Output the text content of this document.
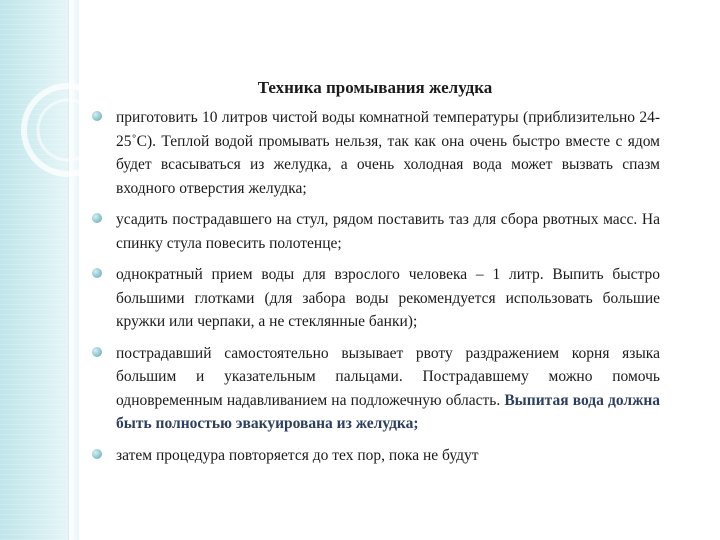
Техника промывания желудка
приготовить 10 литров чистой воды комнатной температуры (приблизительно 24-25˚С). Теплой водой промывать нельзя, так как она очень быстро вместе с ядом будет всасываться из желудка, а очень холодная вода может вызвать спазм входного отверстия желудка;
усадить пострадавшего на стул, рядом поставить таз для сбора рвотных масс. На спинку стула повесить полотенце;
однократный прием воды для взрослого человека – 1 литр. Выпить быстро большими глотками (для забора воды рекомендуется использовать большие кружки или черпаки, а не стеклянные банки);
пострадавший самостоятельно вызывает рвоту раздражением корня языка большим и указательным пальцами. Пострадавшему можно помочь одновременным надавливанием на подложечную область. Выпитая вода должна быть полностью эвакуирована из желудка;
затем процедура повторяется до тех пор, пока не будут
